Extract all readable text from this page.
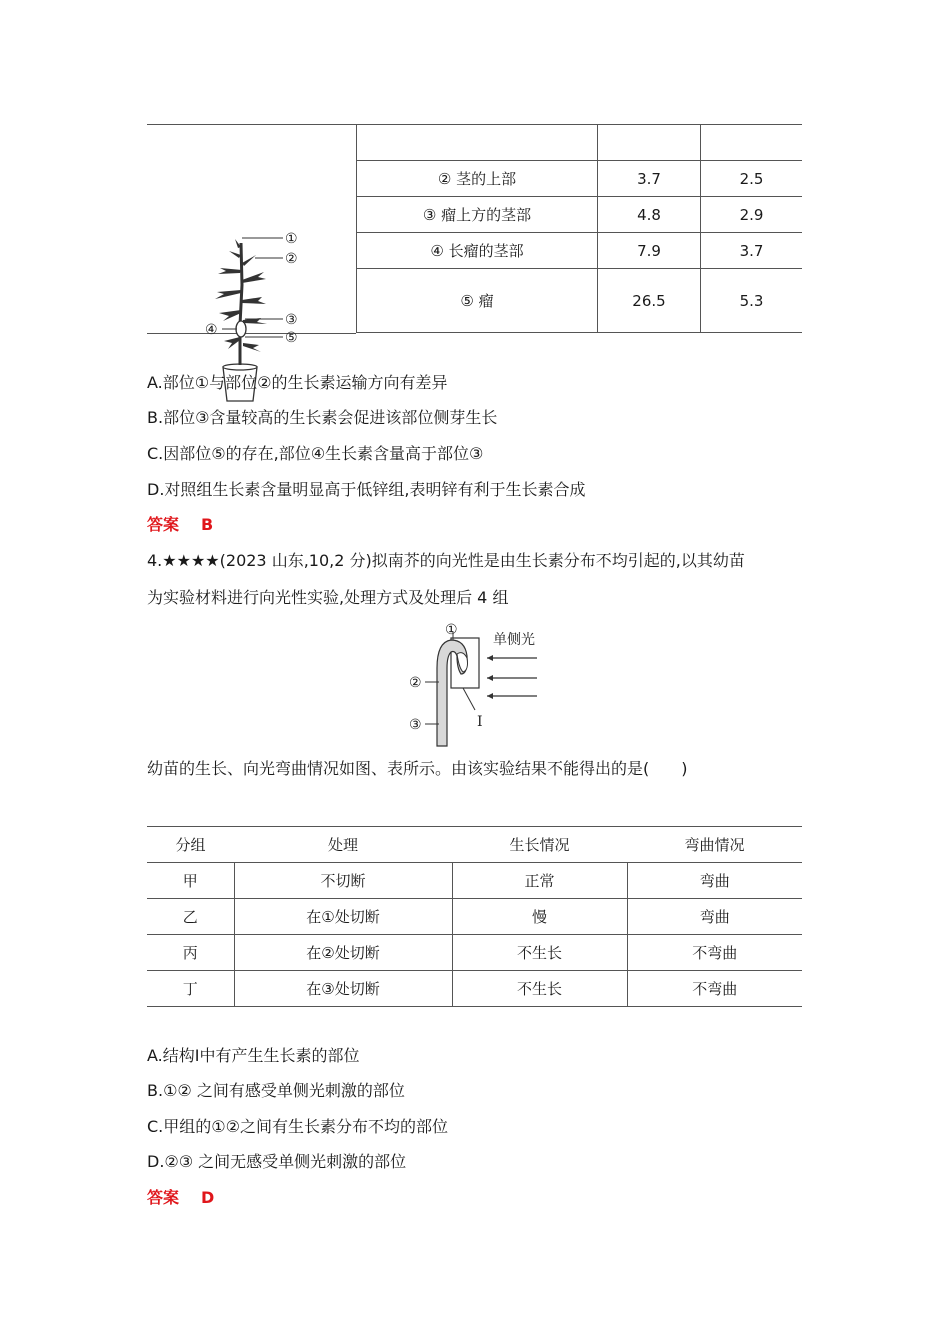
② 茎的上部	3.7	2.5
③ 瘤上方的茎部	4.8	2.9
④ 长瘤的茎部	7.9	3.7
⑤ 瘤	26.5	5.3
①
②
③
④	⑤
A.部位①与部位②的生长素运输方向有差异
B.部位③含量较高的生长素会促进该部位侧芽生长
C.因部位⑤的存在,部位④生长素含量高于部位③
D.对照组生长素含量明显高于低锌组,表明锌有利于生长素合成
答案 B
4.★★★★(2023 山东,10,2 分)拟南芥的向光性是由生长素分布不均引起的,以其幼苗
为实验材料进行向光性实验,处理方式及处理后 4 组
①
②
③
单侧光
I
幼苗的生长、向光弯曲情况如图、表所示。由该实验结果不能得出的是(　　)
分组	处理	生长情况	弯曲情况
甲	不切断	正常	弯曲
乙	在①处切断	慢	弯曲
丙	在②处切断	不生长	不弯曲
丁	在③处切断	不生长	不弯曲
A.结构Ⅰ中有产生生长素的部位
B.①② 之间有感受单侧光刺激的部位
C.甲组的①②之间有生长素分布不均的部位
D.②③ 之间无感受单侧光刺激的部位
答案 D
